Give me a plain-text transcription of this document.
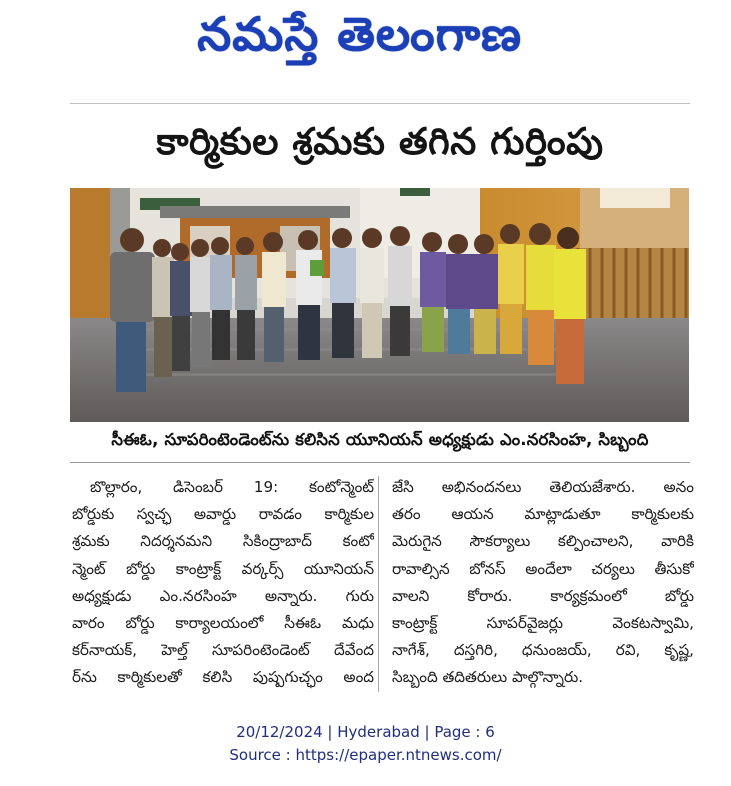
నమస్తే తెలంగాణ
కార్మికుల శ్రమకు తగిన గుర్తింపు
సీఈఓ, సూపరింటెండెంట్‌ను కలిసిన యూనియన్ అధ్యక్షుడు ఎం.నరసింహ, సిబ్బంది
బొల్లారం, డిసెంబర్ 19: కంటోన్మెంట్
బోర్డుకు స్వచ్ఛ అవార్డు రావడం కార్మికుల
శ్రమకు నిదర్శనమని సికింద్రాబాద్ కంటో
న్మెంట్ బోర్డు కాంట్రాక్ట్ వర్కర్స్ యూనియన్
అధ్యక్షుడు ఎం.నరసింహ అన్నారు. గురు
వారం బోర్డు కార్యాలయంలో సీఈఓ మధు
కర్‌నాయక్, హెల్త్ సూపరింటెండెంట్ దేవేంద
ర్‌ను కార్మికులతో కలిసి పుష్పగుచ్ఛం అంద
జేసి అభినందనలు తెలియజేశారు. అనం
తరం ఆయన మాట్లాడుతూ కార్మికులకు
మెరుగైన సౌకర్యాలు కల్పించాలని, వారికి
రావాల్సిన బోనస్ అందేలా చర్యలు తీసుకో
వాలని కోరారు. కార్యక్రమంలో బోర్డు
కాంట్రాక్ట్ సూపర్‌వైజర్లు వెంకటస్వామి,
నాగేశ్, దస్తగిరి, ధనుంజయ్, రవి, కృష్ణ,
సిబ్బంది తదితరులు పాల్గొన్నారు.
20/12/2024 | Hyderabad | Page : 6
Source : https://epaper.ntnews.com/
